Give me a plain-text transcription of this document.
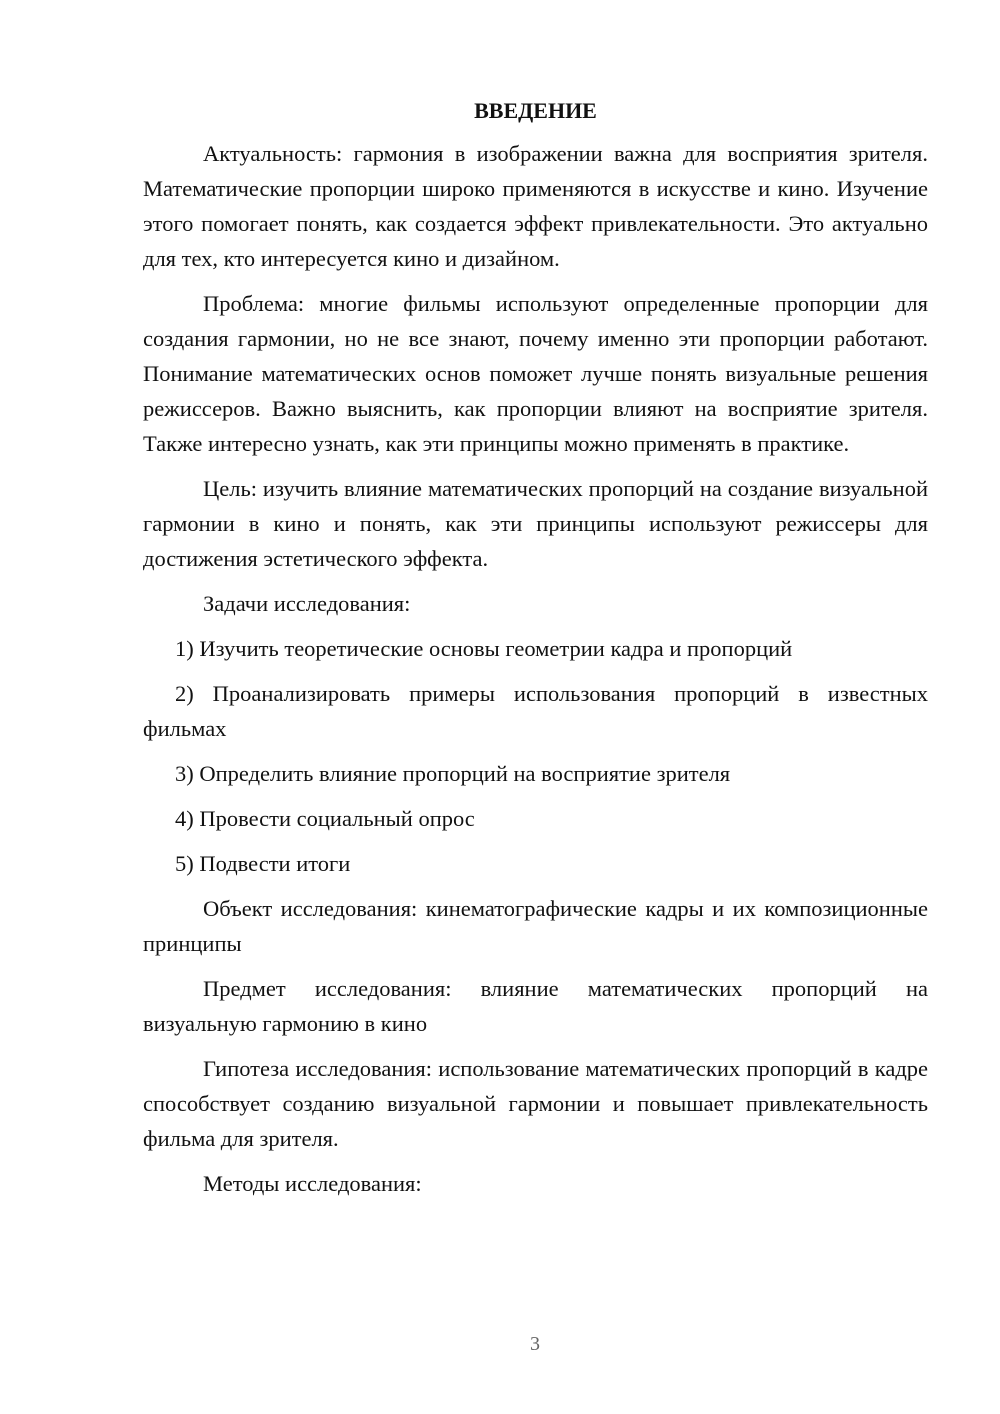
ВВЕДЕНИЕ

Актуальность: гармония в изображении важна для восприятия зрителя. Математические пропорции широко применяются в искусстве и кино. Изучение этого помогает понять, как создается эффект привлекательности. Это актуально для тех, кто интересуется кино и дизайном.

Проблема: многие фильмы используют определенные пропорции для создания гармонии, но не все знают, почему именно эти пропорции работают. Понимание математических основ поможет лучше понять визуальные решения режиссеров. Важно выяснить, как пропорции влияют на восприятие зрителя. Также интересно узнать, как эти принципы можно применять в практике.

Цель: изучить влияние математических пропорций на создание визуальной гармонии в кино и понять, как эти принципы используют режиссеры для достижения эстетического эффекта.

Задачи исследования:

1) Изучить теоретические основы геометрии кадра и пропорций

2) Проанализировать примеры использования пропорций в известных фильмах

3) Определить влияние пропорций на восприятие зрителя

4) Провести социальный опрос

5) Подвести итоги

Объект исследования: кинематографические кадры и их композиционные принципы

Предмет исследования: влияние математических пропорций на визуальную гармонию в кино

Гипотеза исследования: использование математических пропорций в кадре способствует созданию визуальной гармонии и повышает привлекательность фильма для зрителя.

Методы исследования:

3
